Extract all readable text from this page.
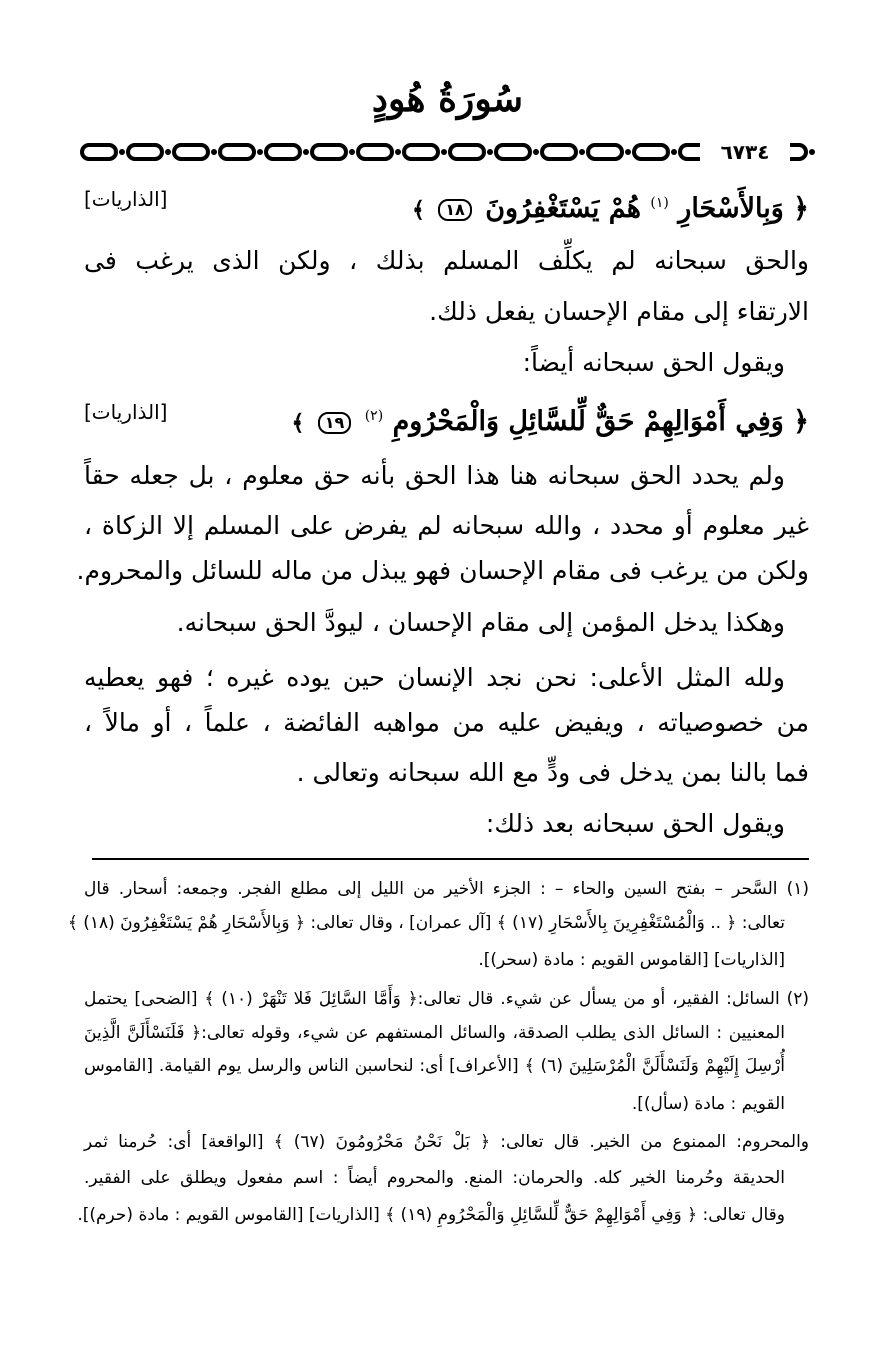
سُورَةُ هُودٍ
٦٧٣٤
﴿ وَبِالأَسْحَارِ $^{(١)}$ هُمْ يَسْتَغْفِرُونَ ١٨ ﴾
[الذاريات]
والحق سبحانه لم يكلِّف المسلم بذلك ، ولكن الذى يرغب فى
الارتقاء إلى مقام الإحسان يفعل ذلك.
ويقول الحق سبحانه أيضاً:
﴿ وَفِي أَمْوَالِهِمْ حَقٌّ لِّلسَّائِلِ وَالْمَحْرُومِ $^{(٢)}$ ١٩ ﴾
[الذاريات]
ولم يحدد الحق سبحانه هنا هذا الحق بأنه حق معلوم ، بل جعله حقاً
غير معلوم أو محدد ، والله سبحانه لم يفرض على المسلم إلا الزكاة ،
ولكن من يرغب فى مقام الإحسان فهو يبذل من ماله للسائل والمحروم.
وهكذا يدخل المؤمن إلى مقام الإحسان ، ليودَّ الحق سبحانه.
ولله المثل الأعلى: نحن نجد الإنسان حين يوده غيره ؛ فهو يعطيه
من خصوصياته ، ويفيض عليه من مواهبه الفائضة ، علماً ، أو مالاً ،
فما بالنا بمن يدخل فى ودٍّ مع الله سبحانه وتعالى .
ويقول الحق سبحانه بعد ذلك:
(١) السَّحر – بفتح السين والحاء – : الجزء الأخير من الليل إلى مطلع الفجر. وجمعه: أسحار. قال
تعالى: ﴿ .. وَالْمُسْتَغْفِرِينَ بِالأَسْحَارِ (١٧) ﴾ [آل عمران] ، وقال تعالى: ﴿ وَبِالأَسْحَارِ هُمْ يَسْتَغْفِرُونَ (١٨) ﴾
[الذاريات] [القاموس القويم : مادة (سحر)].
(٢) السائل: الفقير، أو من يسأل عن شيء. قال تعالى:﴿ وَأَمَّا السَّائِلَ فَلا تَنْهَرْ (١٠) ﴾ [الضحى] يحتمل
المعنيين : السائل الذى يطلب الصدقة، والسائل المستفهم عن شيء، وقوله تعالى:﴿ فَلَنَسْأَلَنَّ الَّذِينَ
أُرْسِلَ إِلَيْهِمْ وَلَنَسْأَلَنَّ الْمُرْسَلِينَ (٦) ﴾ [الأعراف] أى: لنحاسبن الناس والرسل يوم القيامة. [القاموس
القويم : مادة (سأل)].
والمحروم: الممنوع من الخير. قال تعالى: ﴿ بَلْ نَحْنُ مَحْرُومُونَ (٦٧) ﴾ [الواقعة] أى: حُرمنا ثمر
الحديقة وحُرمنا الخير كله. والحرمان: المنع. والمحروم أيضاً : اسم مفعول ويطلق على الفقير.
وقال تعالى: ﴿ وَفِي أَمْوَالِهِمْ حَقٌّ لِّلسَّائِلِ وَالْمَحْرُومِ (١٩) ﴾ [الذاريات] [القاموس القويم : مادة (حرم)].
